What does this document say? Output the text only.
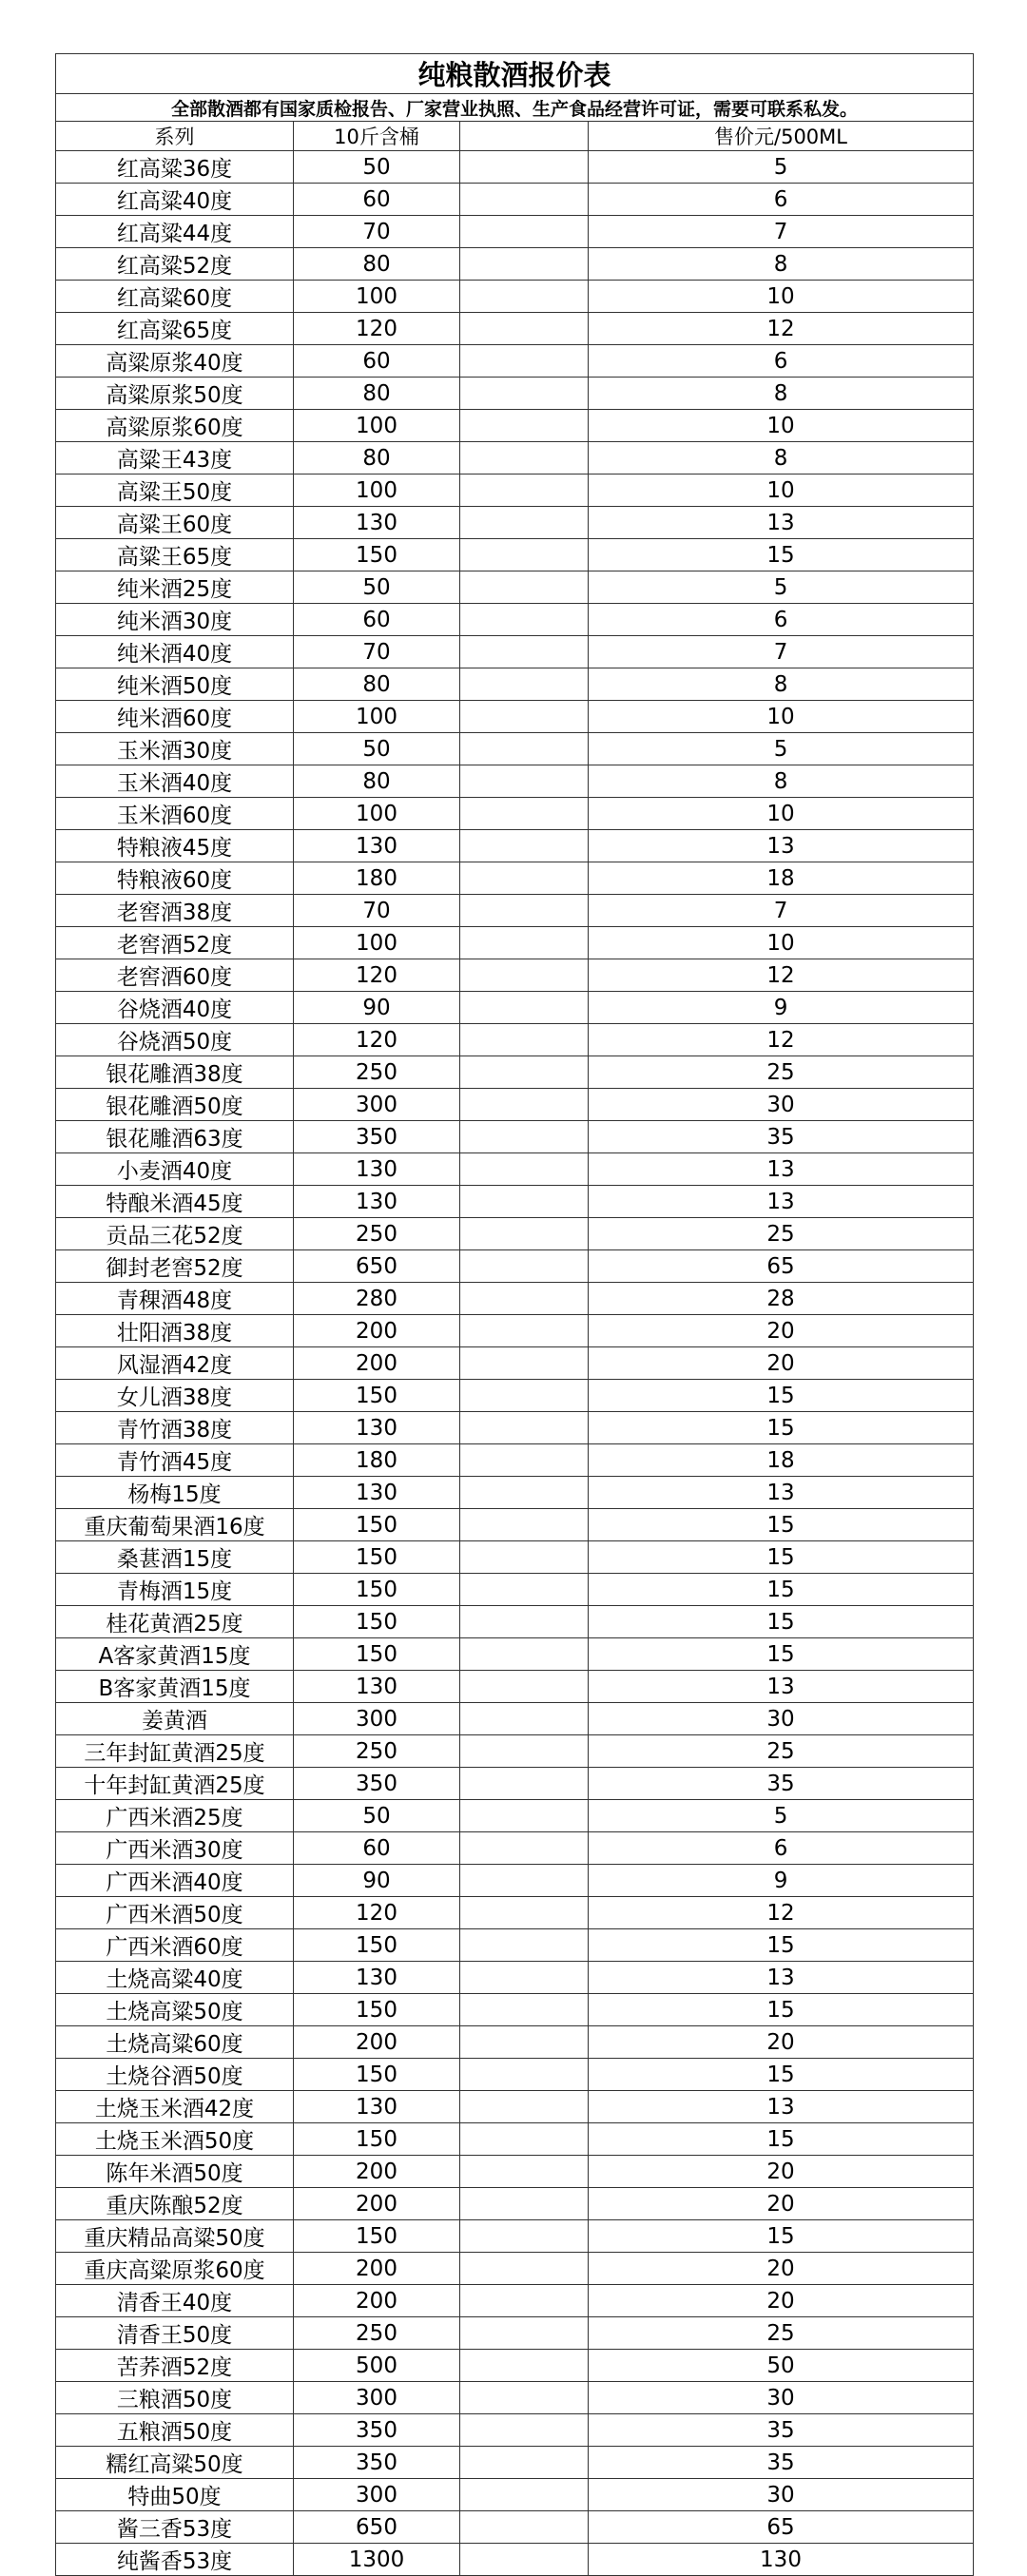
纯粮散酒报价表			
全部散酒都有国家质检报告、厂家营业执照、生产食品经营许可证，需要可联系私发。			
系列	10斤含桶		售价元/500ML
红高粱36度	50		5
红高粱40度	60		6
红高粱44度	70		7
红高粱52度	80		8
红高粱60度	100		10
红高粱65度	120		12
高粱原浆40度	60		6
高粱原浆50度	80		8
高粱原浆60度	100		10
高粱王43度	80		8
高粱王50度	100		10
高粱王60度	130		13
高粱王65度	150		15
纯米酒25度	50		5
纯米酒30度	60		6
纯米酒40度	70		7
纯米酒50度	80		8
纯米酒60度	100		10
玉米酒30度	50		5
玉米酒40度	80		8
玉米酒60度	100		10
特粮液45度	130		13
特粮液60度	180		18
老窖酒38度	70		7
老窖酒52度	100		10
老窖酒60度	120		12
谷烧酒40度	90		9
谷烧酒50度	120		12
银花雕酒38度	250		25
银花雕酒50度	300		30
银花雕酒63度	350		35
小麦酒40度	130		13
特酿米酒45度	130		13
贡品三花52度	250		25
御封老窖52度	650		65
青稞酒48度	280		28
壮阳酒38度	200		20
风湿酒42度	200		20
女儿酒38度	150		15
青竹酒38度	130		15
青竹酒45度	180		18
杨梅15度	130		13
重庆葡萄果酒16度	150		15
桑葚酒15度	150		15
青梅酒15度	150		15
桂花黄酒25度	150		15
A客家黄酒15度	150		15
B客家黄酒15度	130		13
姜黄酒	300		30
三年封缸黄酒25度	250		25
十年封缸黄酒25度	350		35
广西米酒25度	50		5
广西米酒30度	60		6
广西米酒40度	90		9
广西米酒50度	120		12
广西米酒60度	150		15
土烧高粱40度	130		13
土烧高粱50度	150		15
土烧高粱60度	200		20
土烧谷酒50度	150		15
土烧玉米酒42度	130		13
土烧玉米酒50度	150		15
陈年米酒50度	200		20
重庆陈酿52度	200		20
重庆精品高粱50度	150		15
重庆高粱原浆60度	200		20
清香王40度	200		20
清香王50度	250		25
苦荞酒52度	500		50
三粮酒50度	300		30
五粮酒50度	350		35
糯红高粱50度	350		35
特曲50度	300		30
酱三香53度	650		65
纯酱香53度	1300		130
